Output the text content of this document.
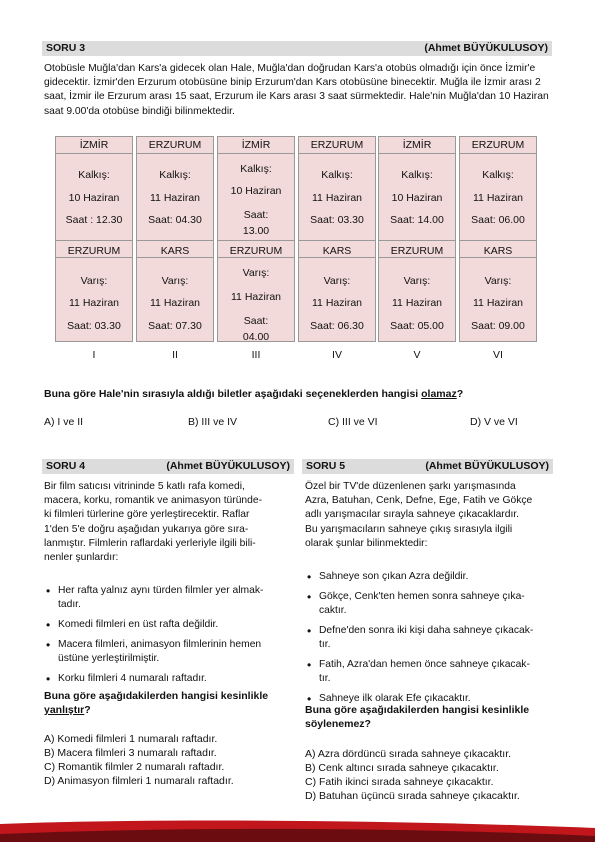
SORU 3	(Ahmet BÜYÜKULUSOY)
Otobüsle Muğla'dan Kars'a gidecek olan Hale, Muğla'dan doğrudan Kars'a otobüs olmadığı için önce İzmir'e gidecektir. İzmir'den Erzurum otobüsüne binip Erzurum'dan Kars otobüsüne binecektir. Muğla ile İzmir arası 2 saat, İzmir ile Erzurum arası 15 saat, Erzurum ile Kars arası 3 saat sürmektedir. Hale'nin Muğla'dan 10 Haziran saat 9.00'da otobüse bindiği bilinmektedir.
İZMİR
Kalkış:
10 Haziran
Saat : 12.30
ERZURUM
Varış:
11 Haziran
Saat: 03.30
I
ERZURUM
Kalkış:
11 Haziran
Saat: 04.30
KARS
Varış:
11 Haziran
Saat: 07.30
II
İZMİR
Kalkış:
10 Haziran
Saat:
13.00
ERZURUM
Varış:
11 Haziran
Saat:
04.00
III
ERZURUM
Kalkış:
11 Haziran
Saat: 03.30
KARS
Varış:
11 Haziran
Saat: 06.30
IV
İZMİR
Kalkış:
10 Haziran
Saat: 14.00
ERZURUM
Varış:
11 Haziran
Saat: 05.00
V
ERZURUM
Kalkış:
11 Haziran
Saat: 06.00
KARS
Varış:
11 Haziran
Saat: 09.00
VI
Buna göre Hale'nin sırasıyla aldığı biletler aşağıdaki seçeneklerden hangisi olamaz?
A) I ve II	B) III ve IV	C) III ve VI	D) V ve VI
SORU 4	(Ahmet BÜYÜKULUSOY)
Bir film satıcısı vitrininde 5 katlı rafa komedi,
macera, korku, romantik ve animasyon türünde-
ki filmleri türlerine göre yerleştirecektir. Raflar
1'den 5'e doğru aşağıdan yukarıya göre sıra-
lanmıştır. Filmlerin raflardaki yerleriyle ilgili bili-
nenler şunlardır:
• Her rafta yalnız aynı türden filmler yer almak-
tadır.
• Komedi filmleri en üst rafta değildir.
• Macera filmleri, animasyon filmlerinin hemen
üstüne yerleştirilmiştir.
• Korku filmleri 4 numaralı raftadır.
Buna göre aşağıdakilerden hangisi kesinlikle
yanlıştır?
A) Komedi filmleri 1 numaralı raftadır.
B) Macera filmleri 3 numaralı raftadır.
C) Romantik filmler 2 numaralı raftadır.
D) Animasyon filmleri 1 numaralı raftadır.
SORU 5	(Ahmet BÜYÜKULUSOY)
Özel bir TV'de düzenlenen şarkı yarışmasında
Azra, Batuhan, Cenk, Defne, Ege, Fatih ve Gökçe
adlı yarışmacılar sırayla sahneye çıkacaklardır.
Bu yarışmacıların sahneye çıkış sırasıyla ilgili
olarak şunlar bilinmektedir:
• Sahneye son çıkan Azra değildir.
• Gökçe, Cenk'ten hemen sonra sahneye çıka-
caktır.
• Defne'den sonra iki kişi daha sahneye çıkacak-
tır.
• Fatih, Azra'dan hemen önce sahneye çıkacak-
tır.
• Sahneye ilk olarak Efe çıkacaktır.
Buna göre aşağıdakilerden hangisi kesinlikle
söylenemez?
A) Azra dördüncü sırada sahneye çıkacaktır.
B) Cenk altıncı sırada sahneye çıkacaktır.
C) Fatih ikinci sırada sahneye çıkacaktır.
D) Batuhan üçüncü sırada sahneye çıkacaktır.
